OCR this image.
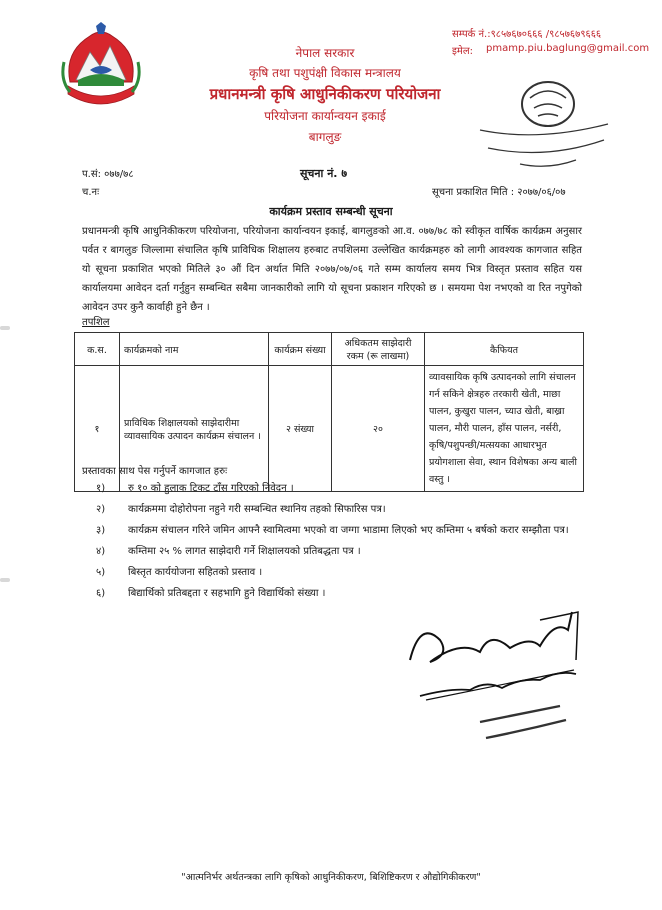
नेपाल सरकार
कृषि तथा पशुपंक्षी विकास मन्त्रालय
प्रधानमन्त्री कृषि आधुनिकीकरण परियोजना
परियोजना कार्यान्वयन इकाई
बागलुङ
सम्पर्क नं.:९८५७६७०६६६ /९८५७६७९६६६
इमेल: pmamp.piu.baglung@gmail.com
प.सं: ०७७/७८
च.नः
सूचना नं. ७
सूचना प्रकाशित मिति : २०७७/०६/०७
कार्यक्रम प्रस्ताव सम्बन्धी सूचना
प्रधानमन्त्री कृषि आधुनिकीकरण परियोजना, परियोजना कार्यान्वयन इकाई, बागलुङको आ.व. ०७७/७८ को स्वीकृत वार्षिक कार्यक्रम अनुसार पर्वत र बागलुङ जिल्लामा संचालित कृषि प्राविधिक शिक्षालय हरुबाट तपशिलमा उल्लेखित कार्यक्रमहरु को लागी आवश्यक कागजात सहित यो सूचना प्रकाशित भएको मितिले ३० औं दिन अर्थात मिति २०७७/०७/०६ गते सम्म कार्यालय समय भित्र विस्तृत प्रस्ताव सहित यस कार्यालयमा आवेदन दर्ता गर्नुहुन सम्बन्धित सबैमा जानकारीको लागि यो सूचना प्रकाशन गरिएको छ । समयमा पेश नभएको वा रित नपुगेको आवेदन उपर कुनै कार्वाही हुने छैन ।
तपशिल
क.स.	कार्यक्रमको नाम	कार्यक्रम संख्या	अधिकतम साझेदारी रकम (रू लाखमा)	कैफियत
१	प्राविधिक शिक्षालयको साझेदारीमा व्यावसायिक उत्पादन कार्यक्रम संचालन ।	२ संख्या	२०	व्यावसायिक कृषि उत्पादनको लागि संचालन गर्न सकिने क्षेत्रहरु तरकारी खेती, माछा पालन, कुखुरा पालन, च्याउ खेती, बाख्रा पालन, मौरी पालन, हाँस पालन, नर्सरी, कृषि/पशुपन्छी/मत्सयका आधारभुत प्रयोगशाला सेवा, स्थान विशेषका अन्य बाली वस्तु ।
प्रस्तावका साथ पेस गर्नुपर्ने कागजात हरुः
१)	रु १० को हुलाक टिकट टाँस गरिएको निवेदन ।
२)	कार्यक्रममा दोहोरोपना नहुने गरी सम्बन्धित स्थानिय तहको सिफारिस पत्र।
३)	कार्यक्रम संचालन गरिने जमिन आफ्नै स्वामित्वमा भएको वा जग्गा भाडामा लिएको भए कम्तिमा ५ बर्षको करार सम्झौता पत्र।
४)	कम्तिमा २५ % लागत साझेदारी गर्ने शिक्षालयको प्रतिबद्धता पत्र ।
५)	बिस्तृत कार्ययोजना सहितको प्रस्ताव ।
६)	बिद्यार्थिको प्रतिबद्दता र सहभागि हुने विद्यार्थिको संख्या ।
"आत्मनिर्भर अर्थतन्त्रका लागि कृषिको आधुनिकीकरण, बिशिष्टिकरण र औद्योगिकीकरण"
